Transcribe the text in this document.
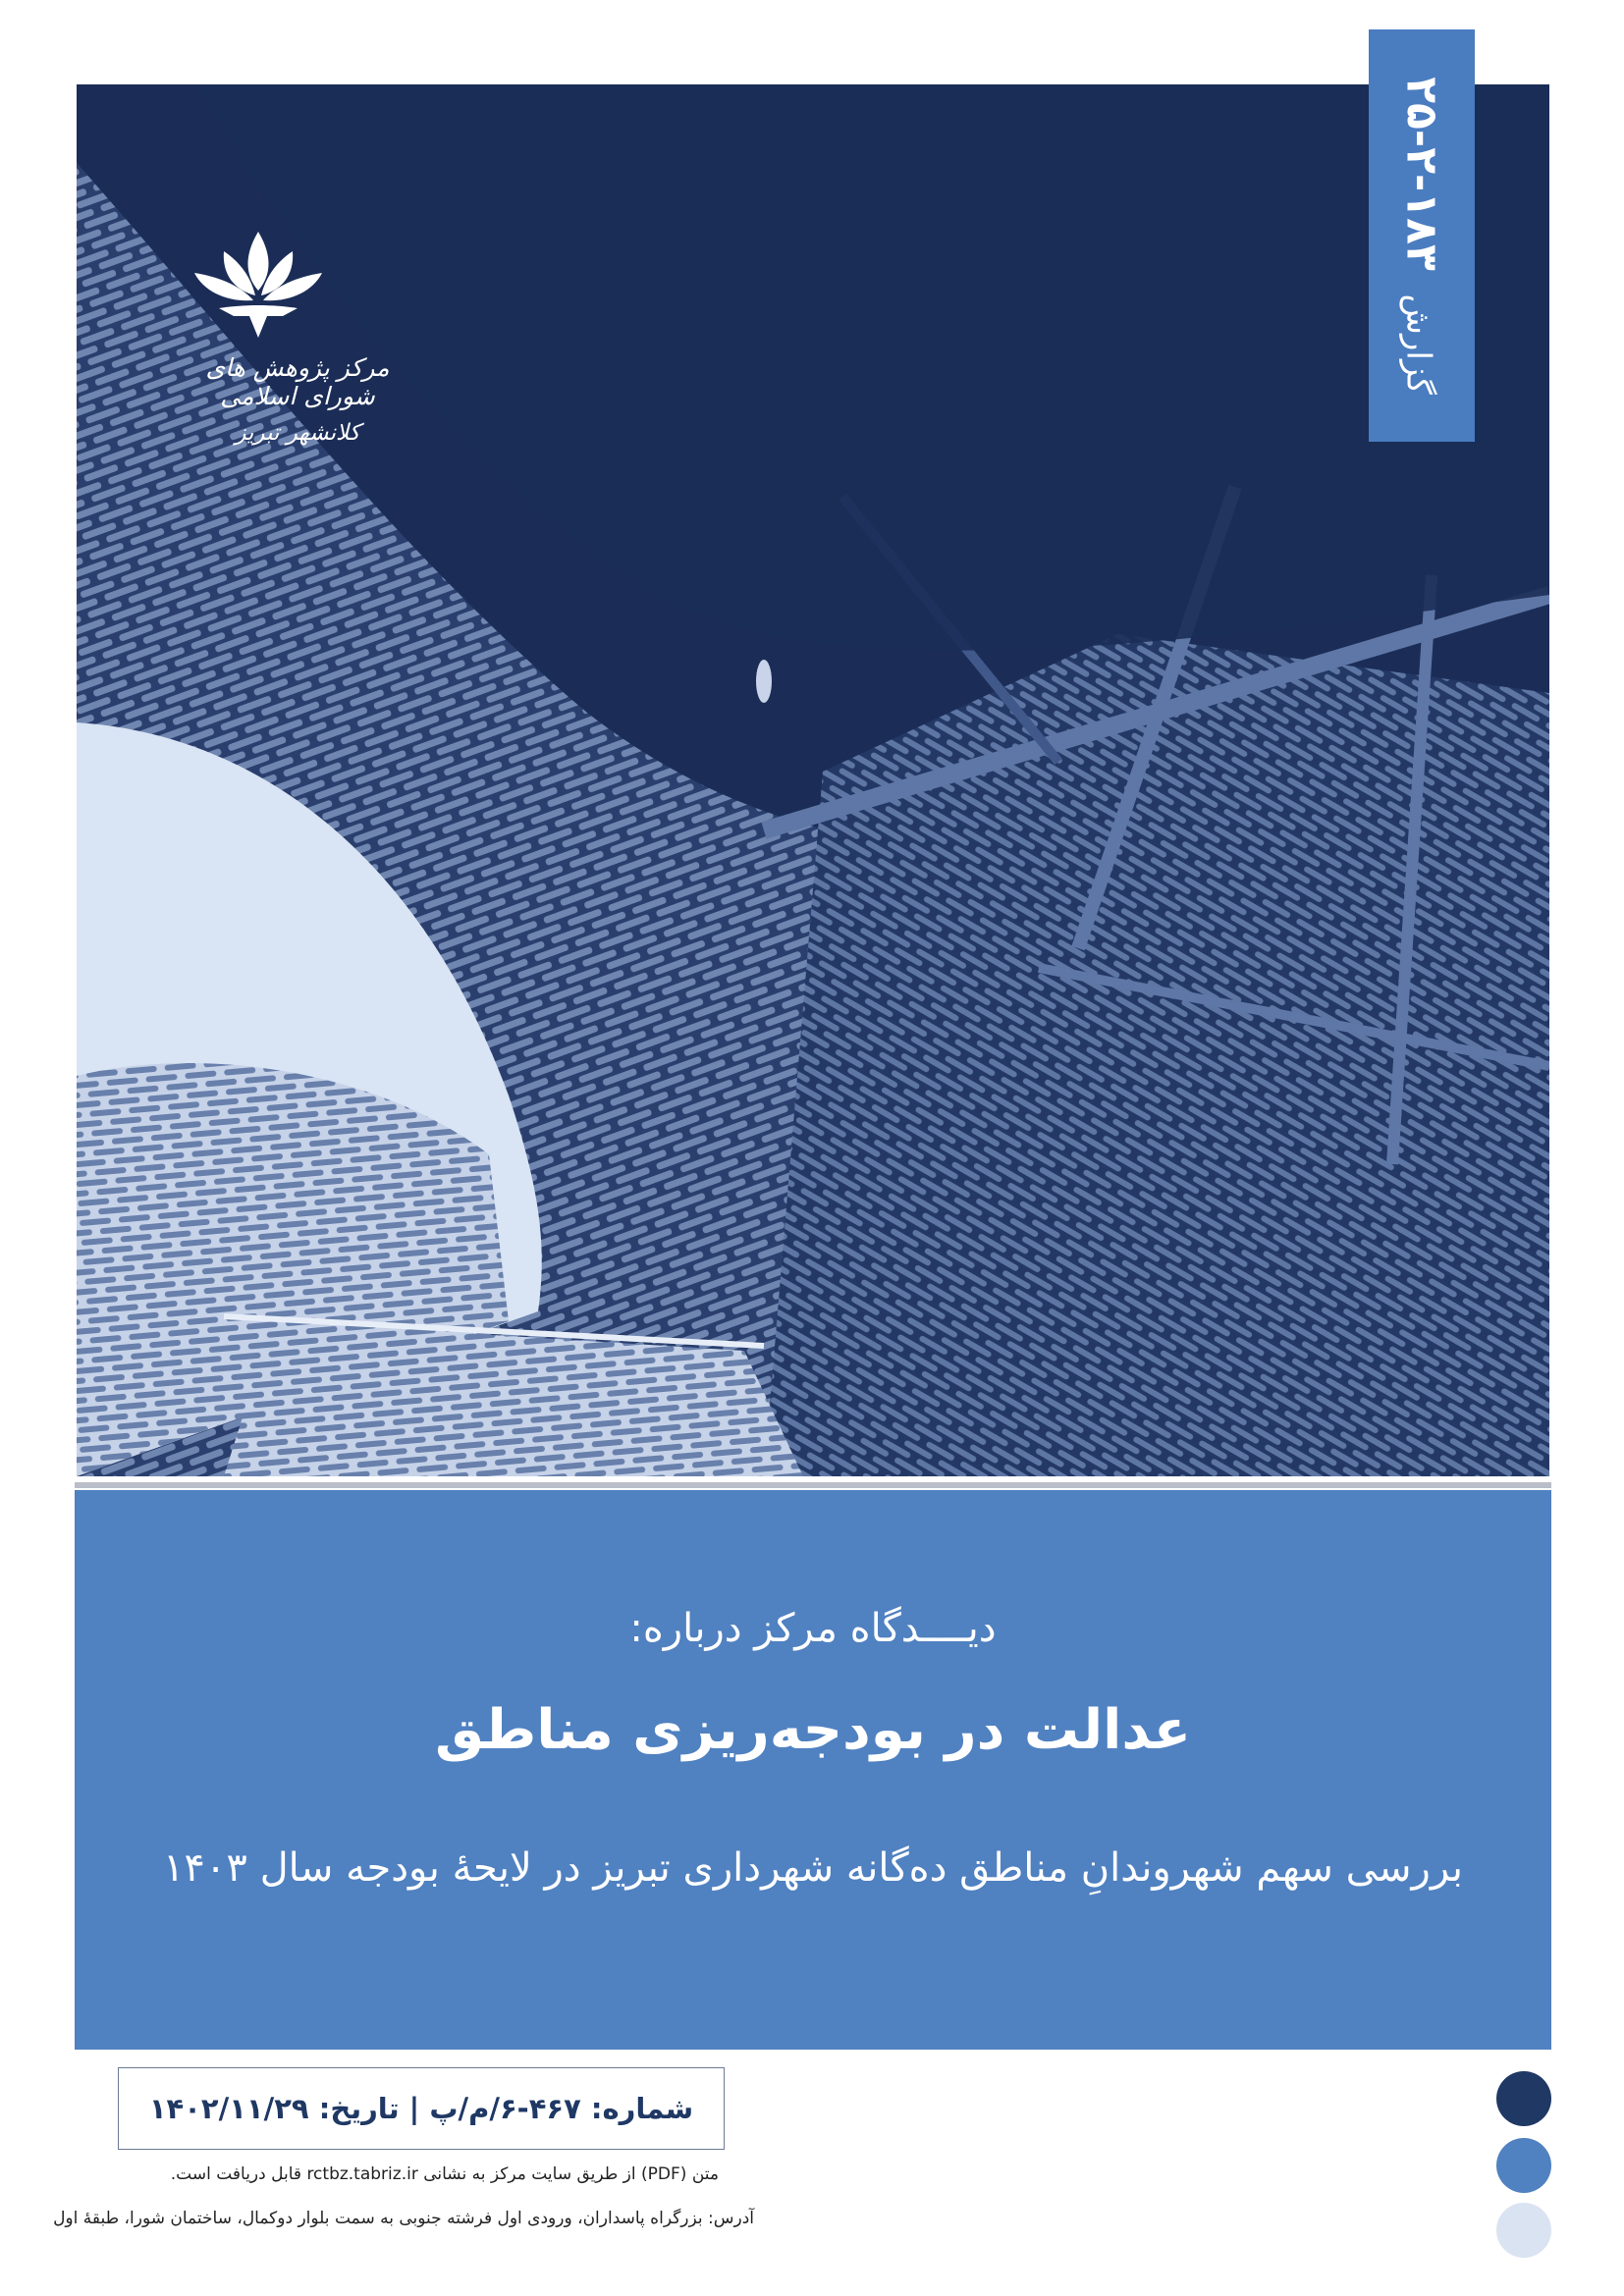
مرکز پژوهش های شورای اسلامی
کلانشهر تبریز
گزارش ۱۸۳-۲-۲۵
دیــــدگاه مرکز درباره:
عدالت در بودجه‌ریزی مناطق
بررسی سهم شهروندانِ مناطق ده‌گانه شهرداری تبریز در لایحهٔ بودجه سال ۱۴۰۳
شماره: ۴۶۷-۶/م/پ | تاریخ: ۱۴۰۲/۱۱/۲۹
متن (PDF) از طریق سایت مرکز به نشانی rctbz.tabriz.ir قابل دریافت است.
آدرس: بزرگراه پاسداران، ورودی اول فرشته جنوبی به سمت بلوار دوکمال، ساختمان شورا، طبقهٔ اول
